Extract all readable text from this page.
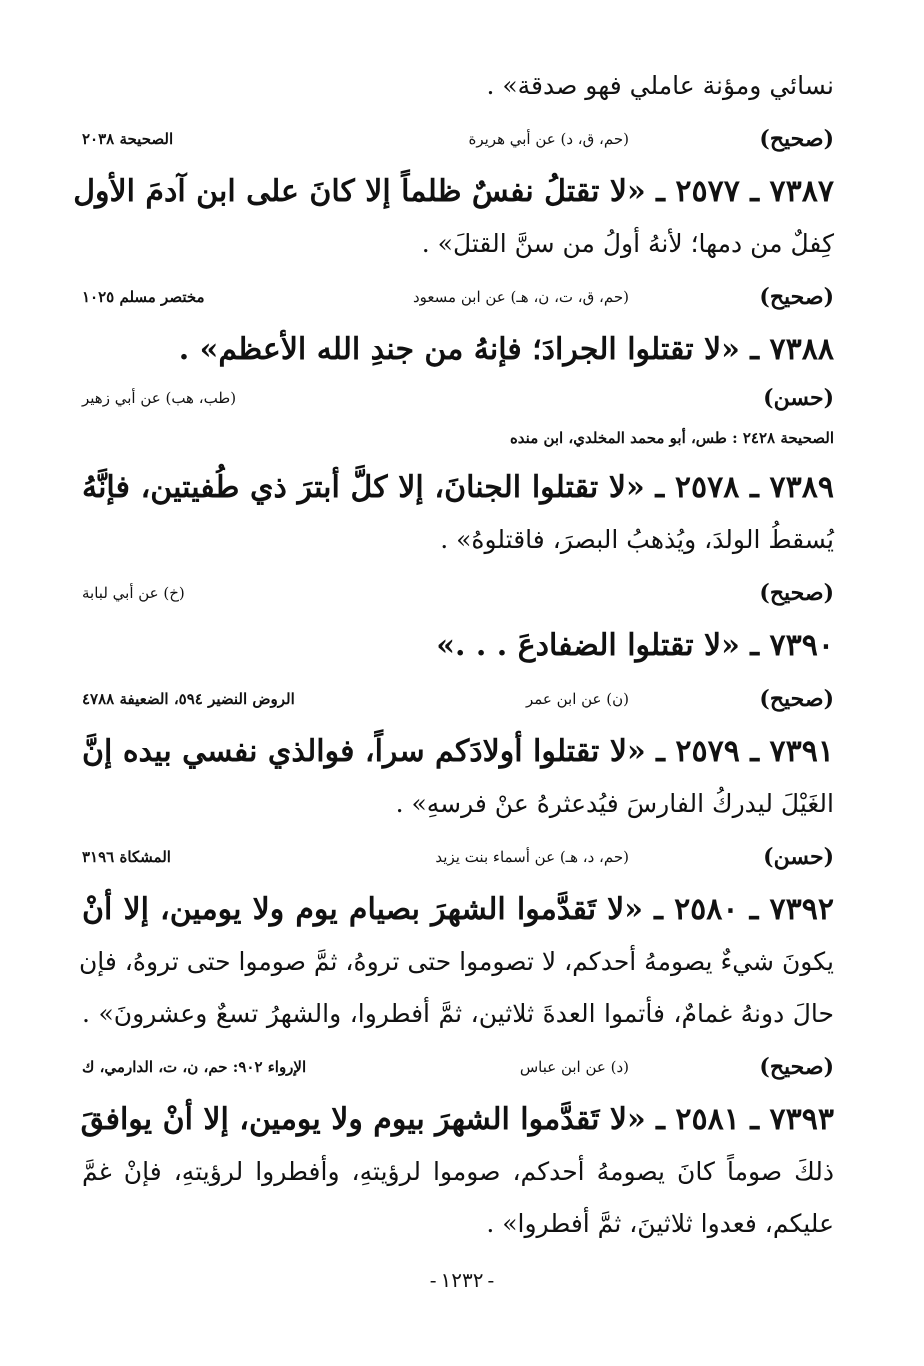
نسائي ومؤنة عاملي فهو صدقة» .
( صحيح )
(حم، ق، د) عن أبي هريرة
الصحيحة ٢٠٣٨
٧٣٨٧ ـ ٢٥٧٧ ـ «لا تقتلُ نفسٌ ظلماً إلا كانَ على ابن آدمَ الأول
كِفلٌ من دمها؛ لأنهُ أولُ من سنَّ القتلَ» .
( صحيح )
(حم، ق، ت، ن، هـ) عن ابن مسعود
مختصر مسلم ١٠٢٥
٧٣٨٨ ـ «لا تقتلوا الجرادَ؛ فإنهُ من جندِ الله الأعظم» .
( حسن )
(طب، هب) عن أبي زهير
الصحيحة ٢٤٢٨ : طس، أبو محمد المخلدي، ابن منده
٧٣٨٩ ـ ٢٥٧٨ ـ «لا تقتلوا الجنانَ، إلا كلَّ أبترَ ذي طُفيتين، فإنَّهُ
يُسقطُ الولدَ، ويُذهبُ البصرَ، فاقتلوهُ» .
( صحيح )
(خ) عن أبي لبابة
٧٣٩٠ ـ «لا تقتلوا الضفادعَ . . .»
( صحيح )
(ن) عن ابن عمر
الروض النضير ٥٩٤، الضعيفة ٤٧٨٨
٧٣٩١ ـ ٢٥٧٩ ـ «لا تقتلوا أولادَكم سراً، فوالذي نفسي بيده إنَّ
الغَيْلَ ليدركُ الفارسَ فيُدعثرهُ عنْ فرسهِ» .
( حسن )
(حم، د، هـ) عن أسماء بنت يزيد
المشكاة ٣١٩٦
٧٣٩٢ ـ ٢٥٨٠ ـ «لا تَقدَّموا الشهرَ بصيام يوم ولا يومين، إلا أنْ
يكونَ شيءٌ يصومهُ أحدكم، لا تصوموا حتى تروهُ، ثمَّ صوموا حتى تروهُ، فإن
حالَ دونهُ غمامٌ، فأتموا العدةَ ثلاثين، ثمَّ أفطروا، والشهرُ تسعٌ وعشرونَ» .
( صحيح )
(د) عن ابن عباس
الإرواء ٩٠٢: حم، ن، ت، الدارمي، ك
٧٣٩٣ ـ ٢٥٨١ ـ «لا تَقدَّموا الشهرَ بيوم ولا يومين، إلا أنْ يوافقَ
ذلكَ صوماً كانَ يصومهُ أحدكم، صوموا لرؤيتهِ، وأفطروا لرؤيتهِ، فإنْ غمَّ
عليكم، فعدوا ثلاثينَ، ثمَّ أفطروا» .
- ١٢٣٢ -
